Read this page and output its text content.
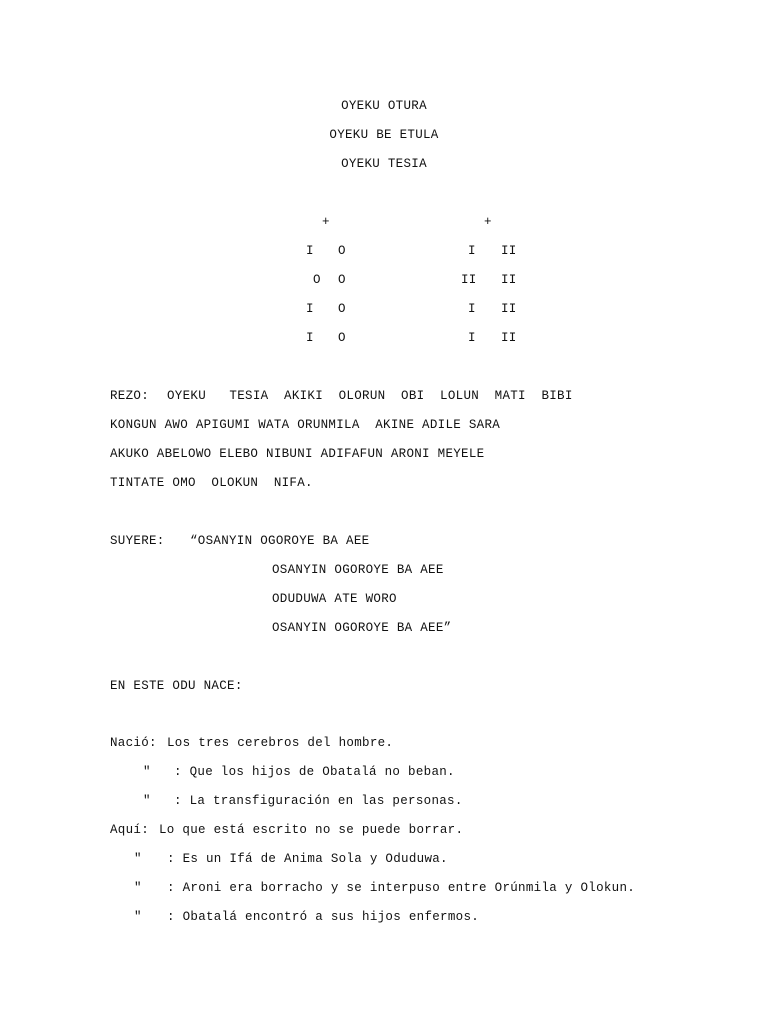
OYEKU OTURA
OYEKU BE ETULA
OYEKU TESIA
+
I O
O O
I O
I O
+
I II
II II
I II
I II
REZO: OYEKU   TESIA  AKIKI  OLORUN  OBI  LOLUN  MATI  BIBI
KONGUN AWO APIGUMI WATA ORUNMILA  AKINE ADILE SARA
AKUKO ABELOWO ELEBO NIBUNI ADIFAFUN ARONI MEYELE
TINTATE OMO  OLOKUN  NIFA.
SUYERE: “OSANYIN OGOROYE BA AEE
OSANYIN OGOROYE BA AEE
ODUDUWA ATE WORO
OSANYIN OGOROYE BA AEE”
EN ESTE ODU NACE:
Nació: Los tres cerebros del hombre.
" : Que los hijos de Obatalá no beban.
" : La transfiguración en las personas.
Aquí: Lo que está escrito no se puede borrar.
" : Es un Ifá de Anima Sola y Oduduwa.
" : Aroni era borracho y se interpuso entre Orúnmila y Olokun.
" : Obatalá encontró a sus hijos enfermos.
